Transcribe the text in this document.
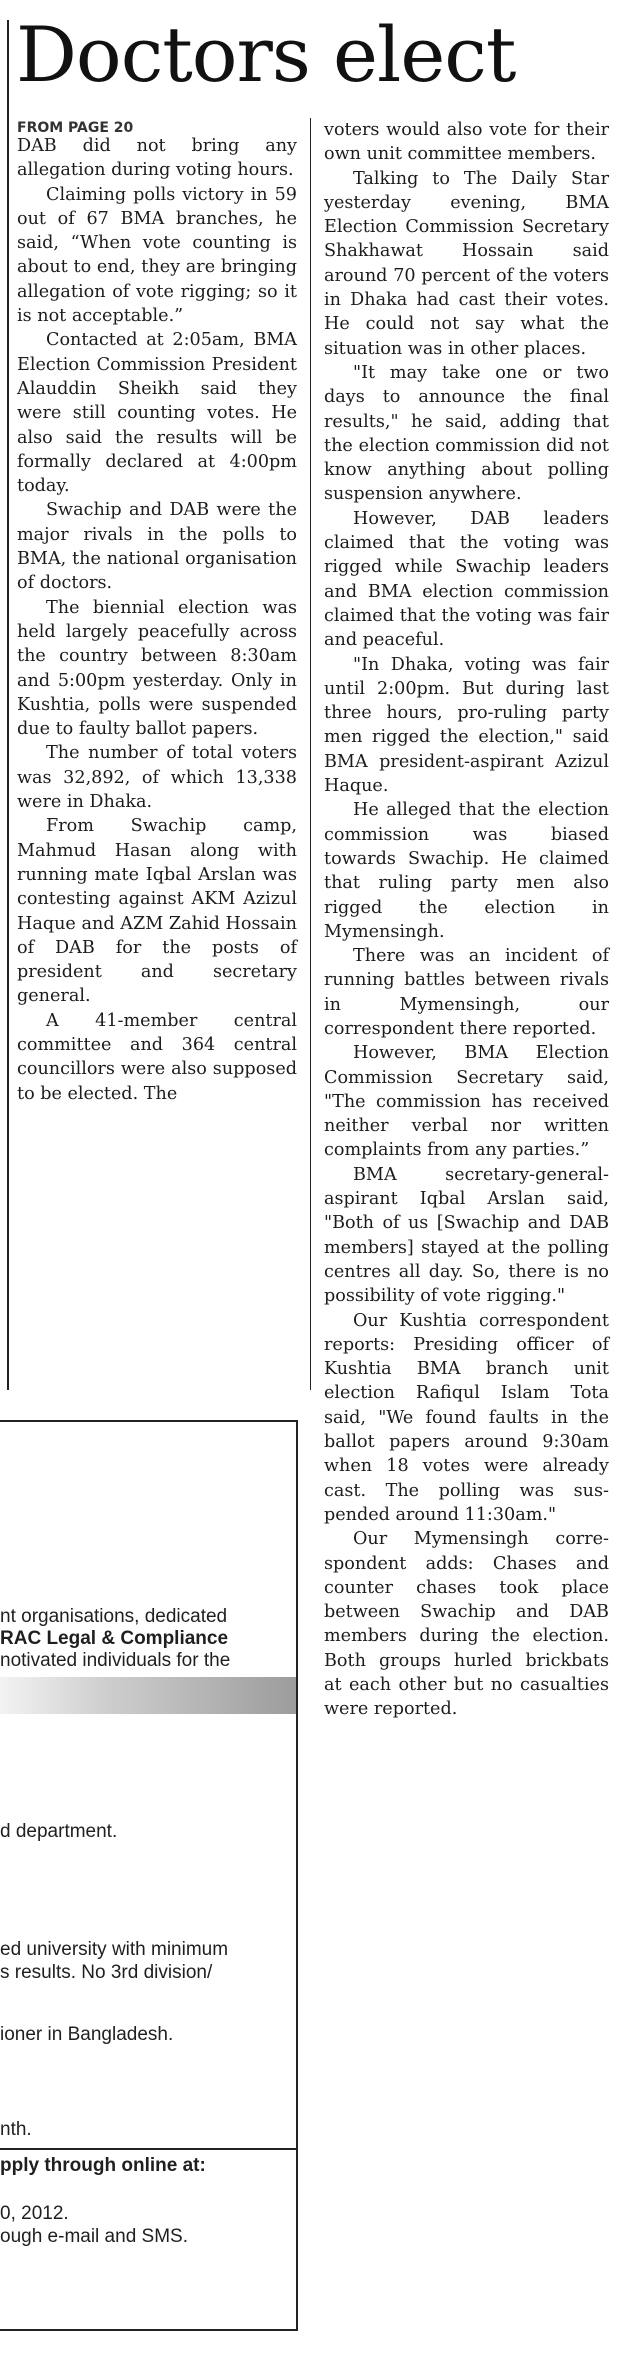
Doctors elect
FROM PAGE 20

DAB did not bring any allegation during voting hours.

Claiming polls victory in 59 out of 67 BMA branches, he said, “When vote counting is about to end, they are bringing allegation of vote rigging; so it is not acceptable.”

Contacted at 2:05am, BMA Election Commission President Alauddin Sheikh said they were still counting votes. He also said the results will be formally declared at 4:00pm today.

Swachip and DAB were the major rivals in the polls to BMA, the national organisation of doctors.

The biennial election was held largely peacefully across the country between 8:30am and 5:00pm yesterday. Only in Kushtia, polls were suspended due to faulty ballot papers.

The number of total voters was 32,892, of which 13,338 were in Dhaka.

From Swachip camp, Mahmud Hasan along with running mate Iqbal Arslan was contesting against AKM Azizul Haque and AZM Zahid Hossain of DAB for the posts of president and secretary general.

A 41-member central committee and 364 central councillors were also supposed to be elected. The

voters would also vote for their own unit committee members.

Talking to The Daily Star yesterday evening, BMA Election Commission Secretary Shakhawat Hossain said around 70 percent of the voters in Dhaka had cast their votes. He could not say what the situation was in other places.

"It may take one or two days to announce the final results," he said, adding that the election commission did not know anything about polling suspension anywhere.

However, DAB leaders claimed that the voting was rigged while Swachip leaders and BMA election commission claimed that the voting was fair and peaceful.

"In Dhaka, voting was fair until 2:00pm. But during last three hours, pro-ruling party men rigged the election," said BMA president-aspirant Azizul Haque.

He alleged that the election commission was biased towards Swachip. He claimed that ruling party men also rigged the election in Mymensingh.

There was an incident of running battles between rivals in Mymensingh, our correspondent there reported.

However, BMA Election Commission Secretary said, "The commission has received neither verbal nor written complaints from any parties.”

BMA secretary-general-aspirant Iqbal Arslan said, "Both of us [Swachip and DAB members] stayed at the polling centres all day. So, there is no possibility of vote rigging."

Our Kushtia correspondent reports: Presiding officer of Kushtia BMA branch unit election Rafiqul Islam Tota said, "We found faults in the ballot papers around 9:30am when 18 votes were already cast. The polling was suspended around 11:30am."

Our Mymensingh correspondent adds: Chases and counter chases took place between Swachip and DAB members during the election. Both groups hurled brickbats at each other but no casualties were reported.

nt organisations, dedicated
RAC Legal & Compliance
notivated individuals for the
d department.
ed university with minimum
s results. No 3rd division/
ioner in Bangladesh.
nth.
pply through online at:
0, 2012.
ough e-mail and SMS.
